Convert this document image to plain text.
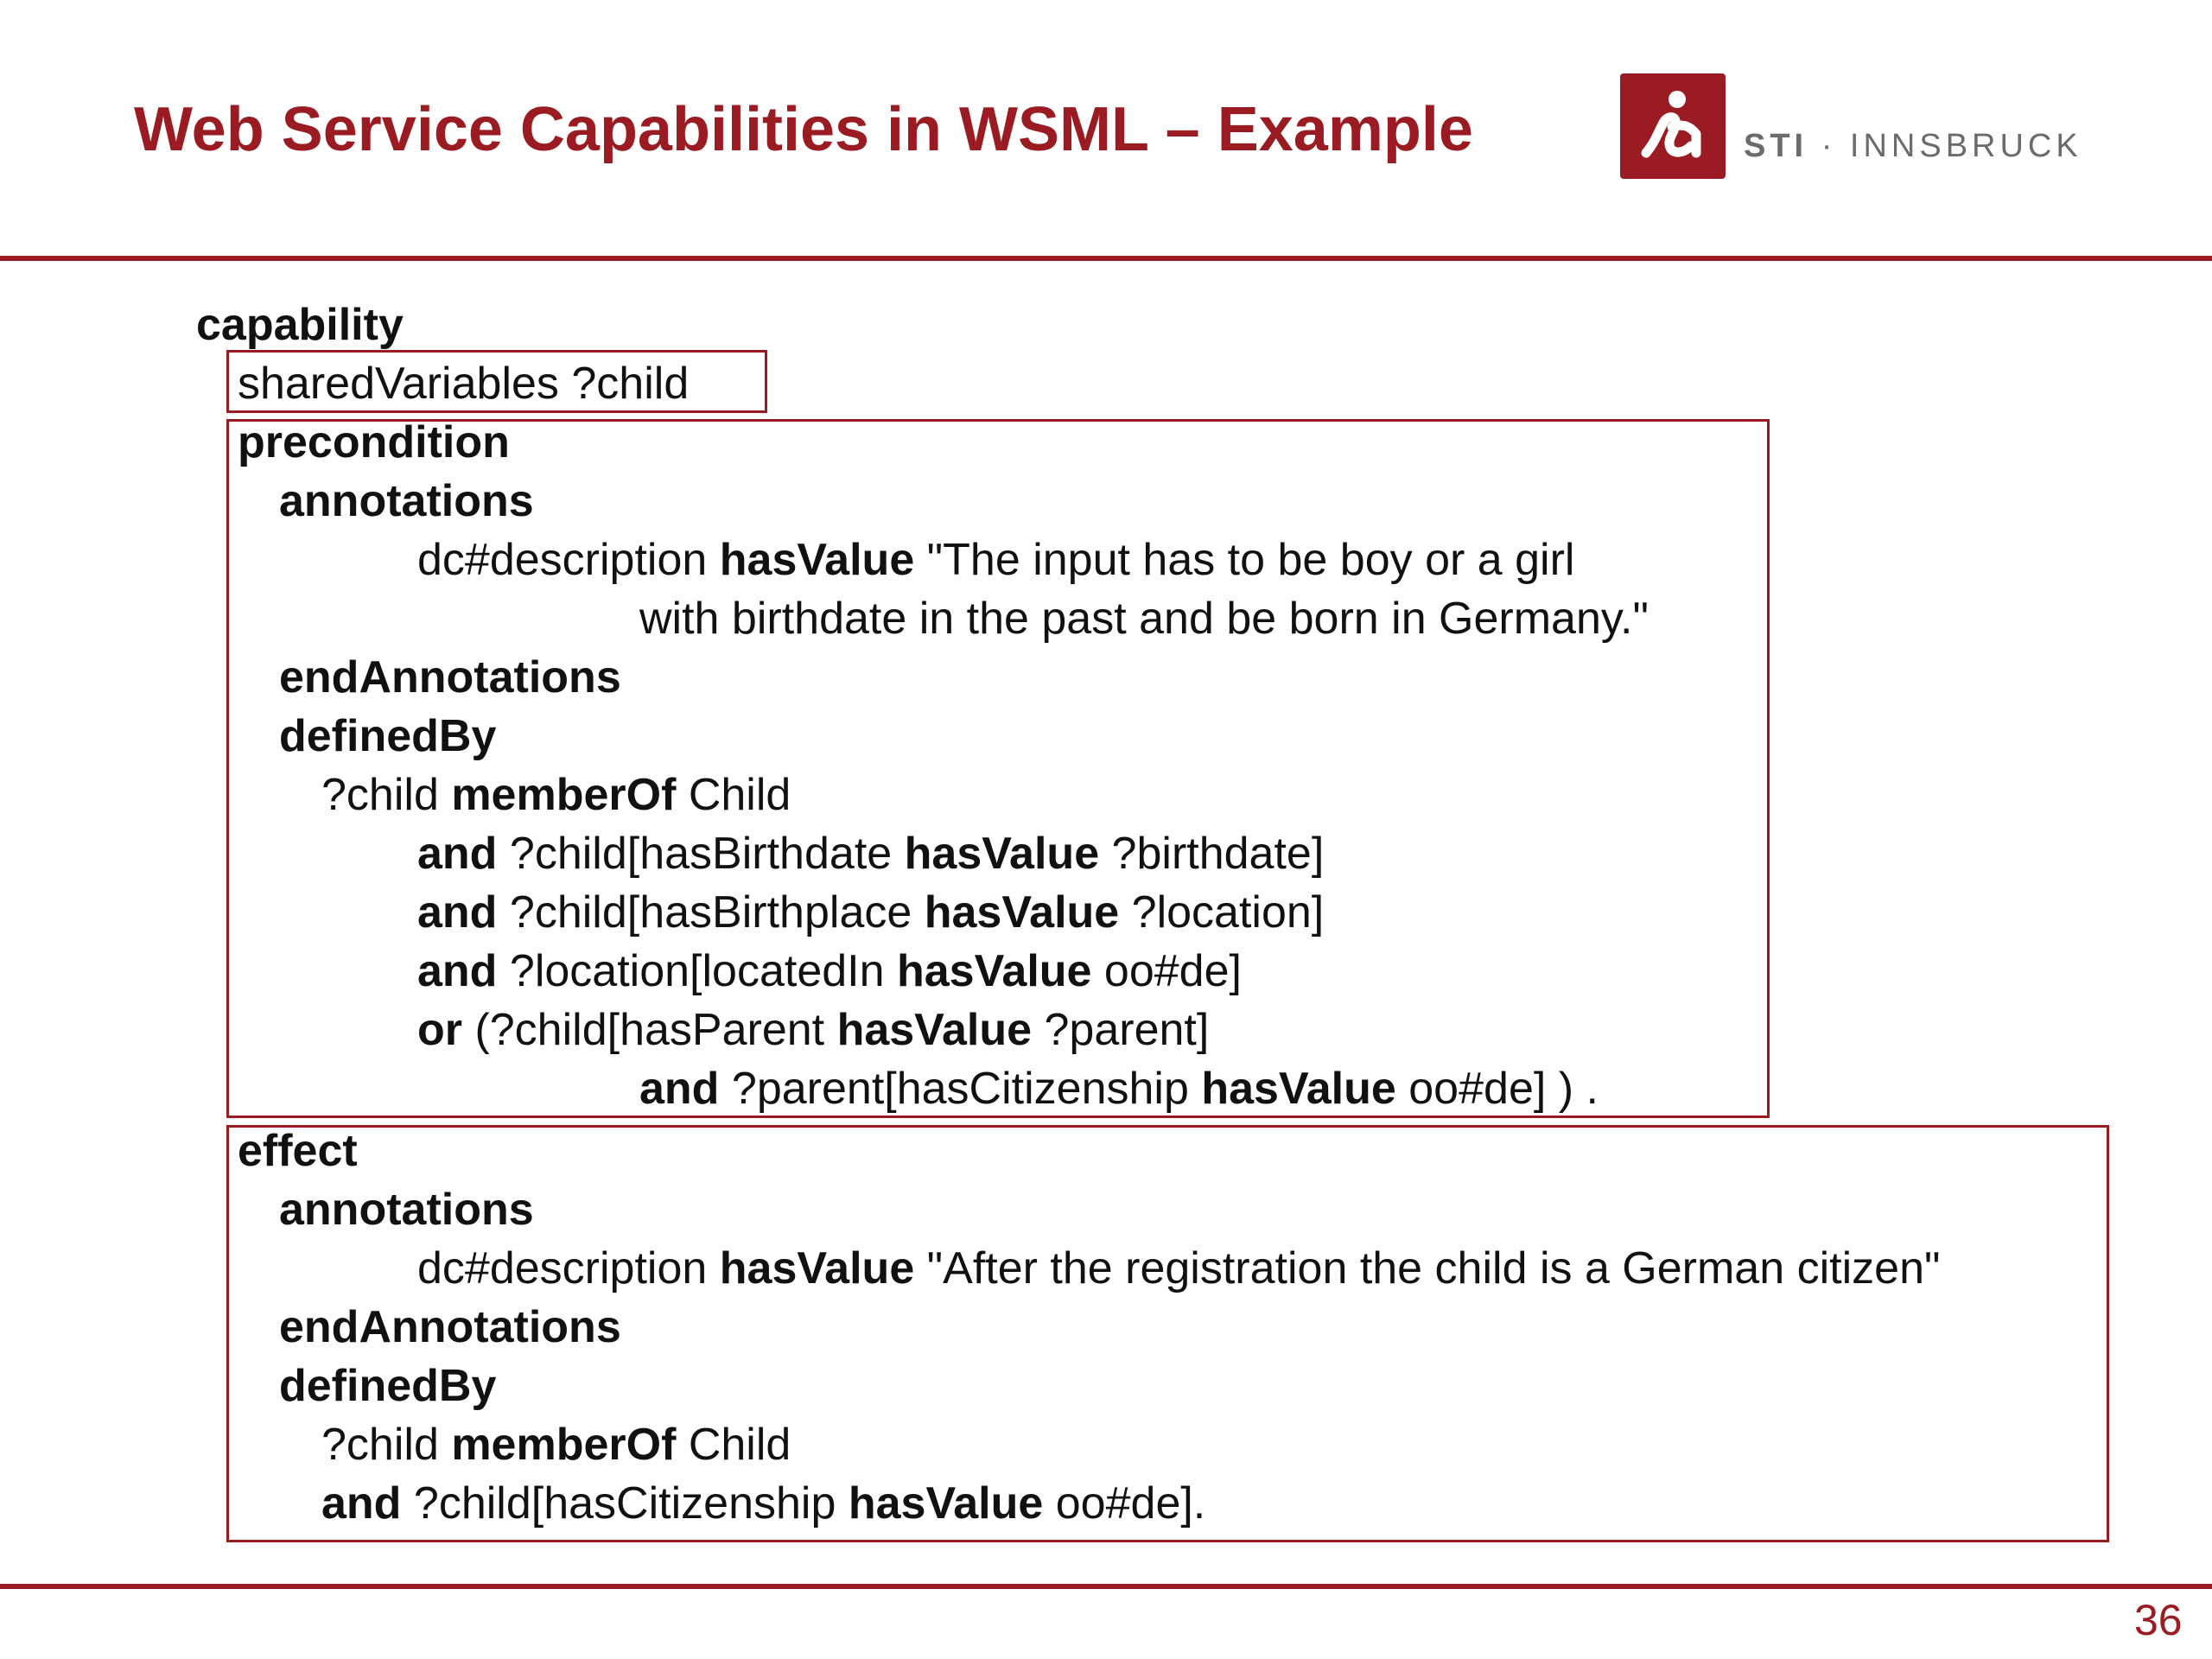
Web Service Capabilities in WSML – Example	STI · INNSBRUCK
capability
sharedVariables ?child
precondition
annotations
dc#description hasValue "The input has to be boy or a girl
with birthdate in the past and be born in Germany."
endAnnotations
definedBy
?child memberOf Child
and ?child[hasBirthdate hasValue ?birthdate]
and ?child[hasBirthplace hasValue ?location]
and ?location[locatedIn hasValue oo#de]
or (?child[hasParent hasValue ?parent]
and ?parent[hasCitizenship hasValue oo#de] ) .
effect
annotations
dc#description hasValue "After the registration the child is a German citizen"
endAnnotations
definedBy
?child memberOf Child
and ?child[hasCitizenship hasValue oo#de].
36
